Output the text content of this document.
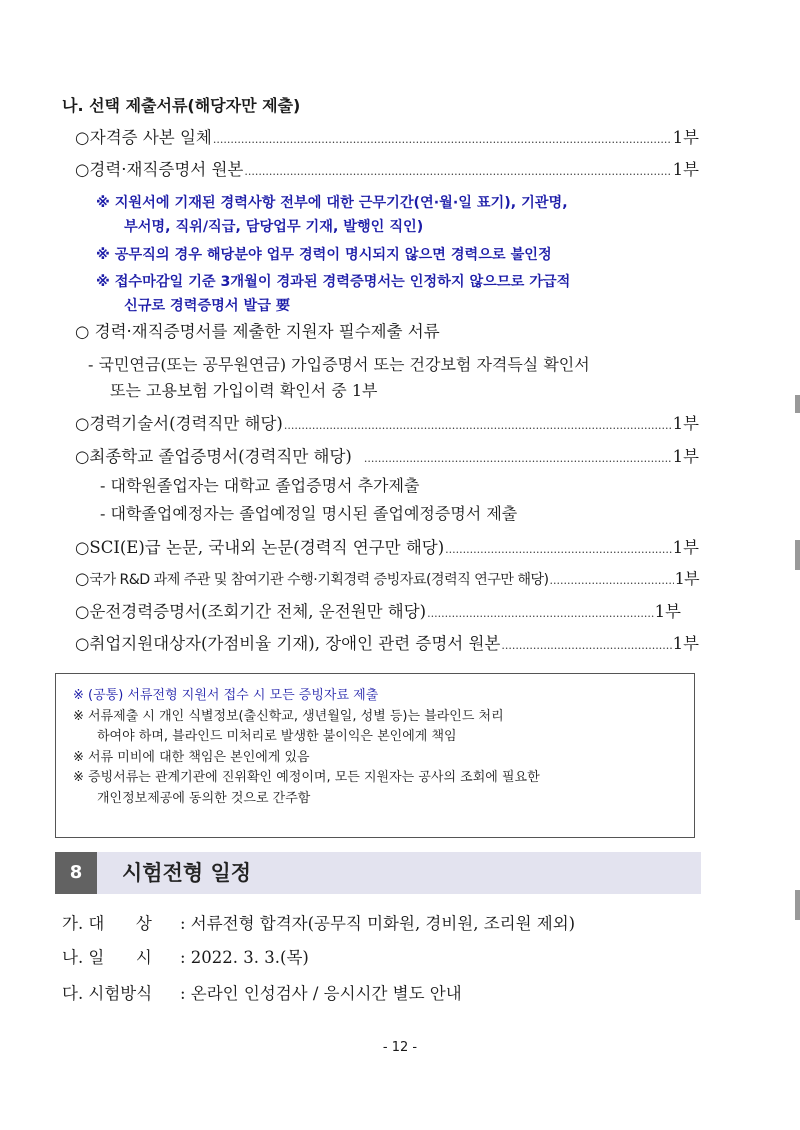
나. 선택 제출서류(해당자만 제출)
○ 자격증 사본 일체 .....	1부
○ 경력·재직증명서 원본 .....	1부
※ 지원서에 기재된 경력사항 전부에 대한 근무기간(연·월·일 표기), 기관명,
부서명, 직위/직급, 담당업무 기재, 발행인 직인)
※ 공무직의 경우 해당분야 업무 경력이 명시되지 않으면 경력으로 불인정
※ 접수마감일 기준 3개월이 경과된 경력증명서는 인정하지 않으므로 가급적
신규로 경력증명서 발급 要
○ 경력·재직증명서를 제출한 지원자 필수제출 서류
- 국민연금(또는 공무원연금) 가입증명서 또는 건강보험 자격득실 확인서
또는 고용보험 가입이력 확인서 중 1부
○ 경력기술서(경력직만 해당) .....	1부
○ 최종학교 졸업증명서(경력직만 해당) .....	1부
- 대학원졸업자는 대학교 졸업증명서 추가제출
- 대학졸업예정자는 졸업예정일 명시된 졸업예정증명서 제출
○ SCI(E)급 논문, 국내외 논문(경력직 연구만 해당) .....	1부
○ 국가 R&D 과제 주관 및 참여기관 수행·기획경력 증빙자료(경력직 연구만 해당) .....	1부
○ 운전경력증명서(조회기간 전체, 운전원만 해당) .....	1부
○ 취업지원대상자(가점비율 기재), 장애인 관련 증명서 원본 .....	1부
※ (공통) 서류전형 지원서 접수 시 모든 증빙자료 제출
※ 서류제출 시 개인 식별정보(출신학교, 생년월일, 성별 등)는 블라인드 처리
하여야 하며, 블라인드 미처리로 발생한 불이익은 본인에게 책임
※ 서류 미비에 대한 책임은 본인에게 있음
※ 증빙서류는 관계기관에 진위확인 예정이며, 모든 지원자는 공사의 조회에 필요한
개인정보제공에 동의한 것으로 간주함
8	시험전형 일정
가. 대      상 : 서류전형 합격자(공무직 미화원, 경비원, 조리원 제외)
나. 일      시 : 2022. 3. 3.(목)
다. 시험방식 : 온라인 인성검사 / 응시시간 별도 안내
- 12 -
